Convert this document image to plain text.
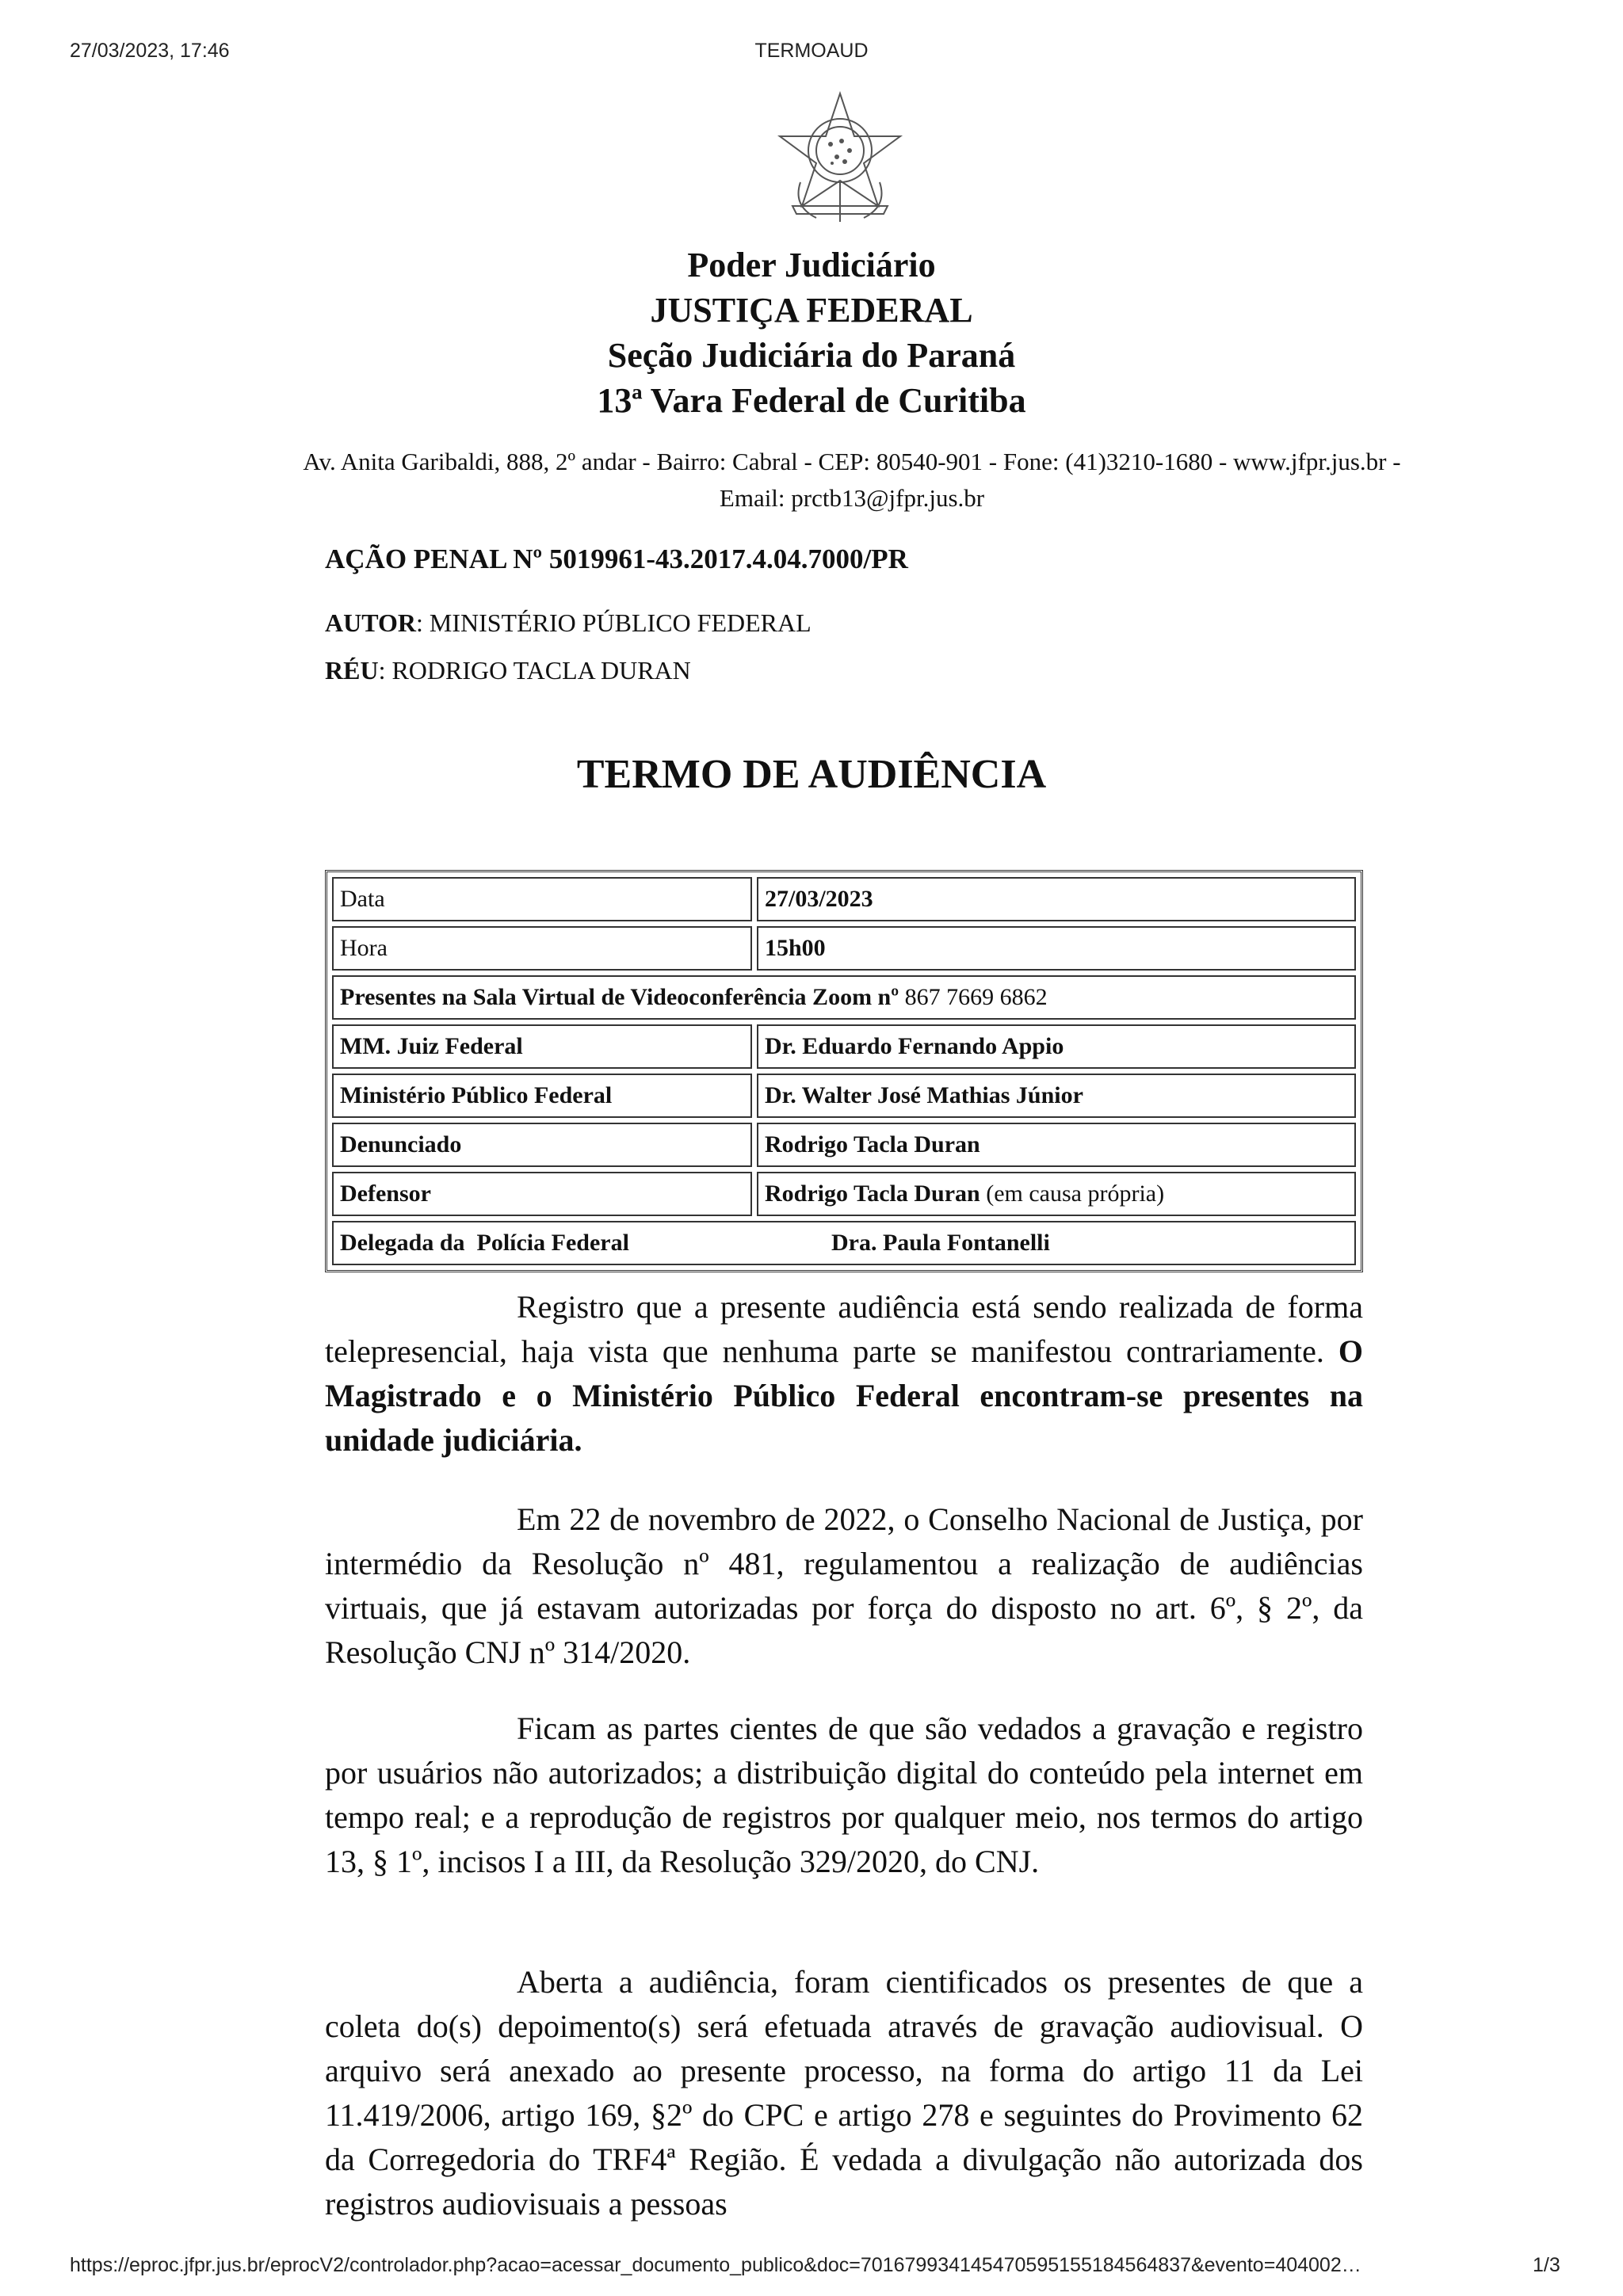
27/03/2023, 17:46	TERMOAUD
Poder Judiciário
JUSTIÇA FEDERAL
Seção Judiciária do Paraná
13ª Vara Federal de Curitiba
Av. Anita Garibaldi, 888, 2º andar - Bairro: Cabral - CEP: 80540-901 - Fone: (41)3210-1680 - www.jfpr.jus.br - Email: prctb13@jfpr.jus.br
AÇÃO PENAL Nº 5019961-43.2017.4.04.7000/PR
AUTOR: MINISTÉRIO PÚBLICO FEDERAL
RÉU: RODRIGO TACLA DURAN
TERMO DE AUDIÊNCIA
Data	27/03/2023
Hora	15h00
Presentes na Sala Virtual de Videoconferência Zoom nº 867 7669 6862	
MM. Juiz Federal	Dr. Eduardo Fernando Appio
Ministério Público Federal	Dr. Walter José Mathias Júnior
Denunciado	Rodrigo Tacla Duran
Defensor	Rodrigo Tacla Duran (em causa própria)
Delegada da  Polícia Federal Dra. Paula Fontanelli	
Registro que a presente audiência está sendo realizada de forma telepresencial, haja vista que nenhuma parte se manifestou contrariamente. O Magistrado e o Ministério Público Federal encontram-se presentes na unidade judiciária.
Em 22 de novembro de 2022, o Conselho Nacional de Justiça, por intermédio da Resolução nº 481, regulamentou a realização de audiências virtuais, que já estavam autorizadas por força do disposto no art. 6º, § 2º, da Resolução CNJ nº 314/2020.
Ficam as partes cientes de que são vedados a gravação e registro por usuários não autorizados; a distribuição digital do conteúdo pela internet em tempo real; e a reprodução de registros por qualquer meio, nos termos do artigo 13, § 1º, incisos I a III, da Resolução 329/2020, do CNJ.
Aberta a audiência, foram cientificados os presentes de que a coleta do(s) depoimento(s) será efetuada através de gravação audiovisual. O arquivo será anexado ao presente processo, na forma do artigo 11 da Lei 11.419/2006, artigo 169, §2º do CPC e artigo 278 e seguintes do Provimento 62 da Corregedoria do TRF4ª Região. É vedada a divulgação não autorizada dos registros audiovisuais a pessoas
https://eproc.jfpr.jus.br/eprocV2/controlador.php?acao=acessar_documento_publico&doc=701679934145470595155184564837&evento=404002…	1/3
